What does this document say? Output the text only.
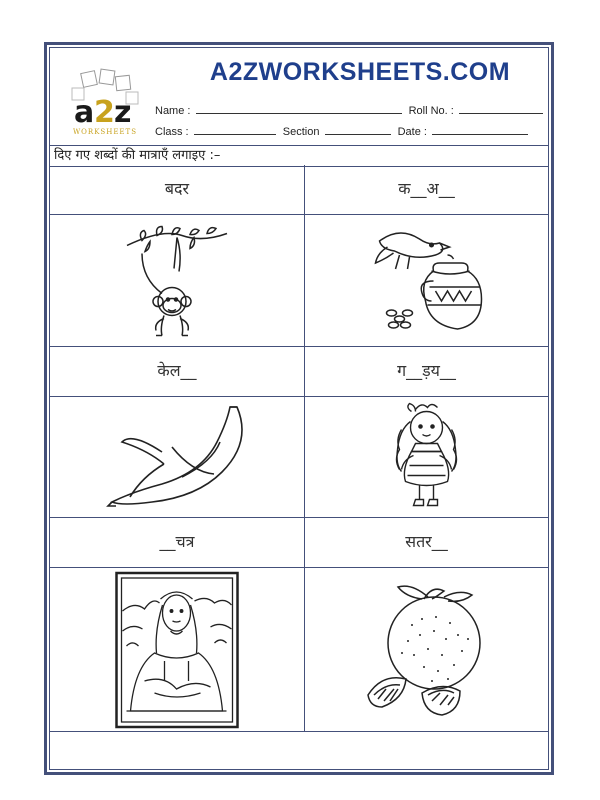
a 2 z
WORKSHEETS
A2ZWORKSHEETS.COM
Name :	Roll No. :
Class :	Section	Date :
दिए गए शब्दों की मात्राएँ लगाइए :–
बदर	क__अ__
केल__	ग__ड़य__
__चत्र	सतर__
